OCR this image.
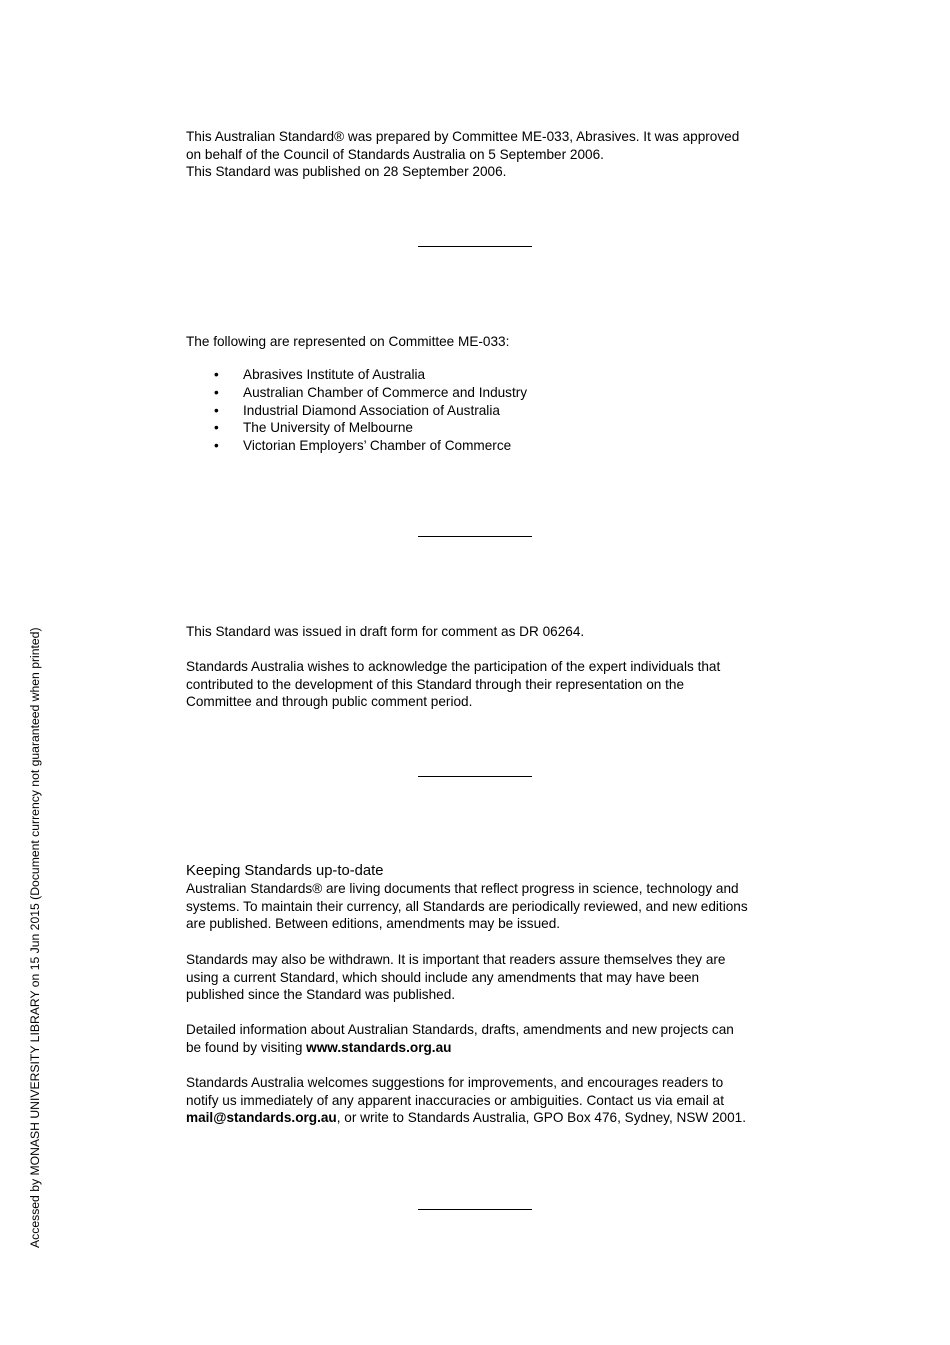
This Australian Standard® was prepared by Committee ME-033, Abrasives. It was approved
on behalf of the Council of Standards Australia on 5 September 2006.
This Standard was published on 28 September 2006.
The following are represented on Committee ME-033:
• Abrasives Institute of Australia
• Australian Chamber of Commerce and Industry
• Industrial Diamond Association of Australia
• The University of Melbourne
• Victorian Employers’ Chamber of Commerce
This Standard was issued in draft form for comment as DR 06264.
Standards Australia wishes to acknowledge the participation of the expert individuals that
contributed to the development of this Standard through their representation on the
Committee and through public comment period.
Keeping Standards up-to-date
Australian Standards® are living documents that reflect progress in science, technology and
systems. To maintain their currency, all Standards are periodically reviewed, and new editions
are published. Between editions, amendments may be issued.
Standards may also be withdrawn. It is important that readers assure themselves they are
using a current Standard, which should include any amendments that may have been
published since the Standard was published.
Detailed information about Australian Standards, drafts, amendments and new projects can
be found by visiting www.standards.org.au
Standards Australia welcomes suggestions for improvements, and encourages readers to
notify us immediately of any apparent inaccuracies or ambiguities. Contact us via email at
mail@standards.org.au, or write to Standards Australia, GPO Box 476, Sydney, NSW 2001.
Accessed by MONASH UNIVERSITY LIBRARY on 15 Jun 2015 (Document currency not guaranteed when printed)
